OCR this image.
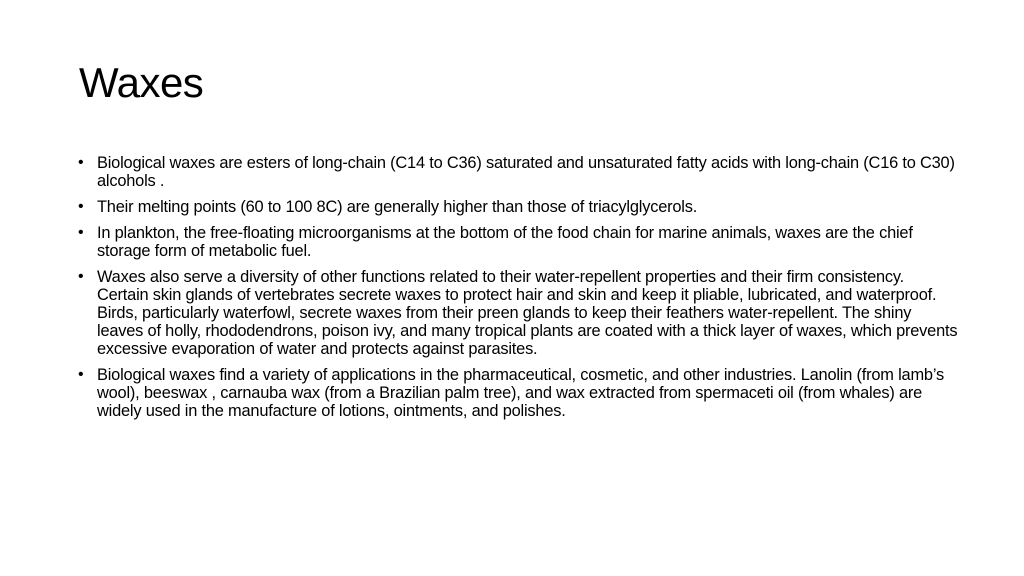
Waxes
• Biological waxes are esters of long-chain (C14 to C36) saturated and unsaturated fatty acids with long-chain (C16 to C30) alcohols .
• Their melting points (60 to 100 8C) are generally higher than those of triacylglycerols.
• In plankton, the free-floating microorganisms at the bottom of the food chain for marine animals, waxes are the chief storage form of metabolic fuel.
• Waxes also serve a diversity of other functions related to their water-repellent properties and their firm consistency. Certain skin glands of vertebrates secrete waxes to protect hair and skin and keep it pliable, lubricated, and waterproof. Birds, particularly waterfowl, secrete waxes from their preen glands to keep their feathers water-repellent. The shiny leaves of holly, rhododendrons, poison ivy, and many tropical plants are coated with a thick layer of waxes, which prevents excessive evaporation of water and protects against parasites.
• Biological waxes find a variety of applications in the pharmaceutical, cosmetic, and other industries. Lanolin (from lamb’s wool), beeswax , carnauba wax (from a Brazilian palm tree), and wax extracted from spermaceti oil (from whales) are widely used in the manufacture of lotions, ointments, and polishes.
